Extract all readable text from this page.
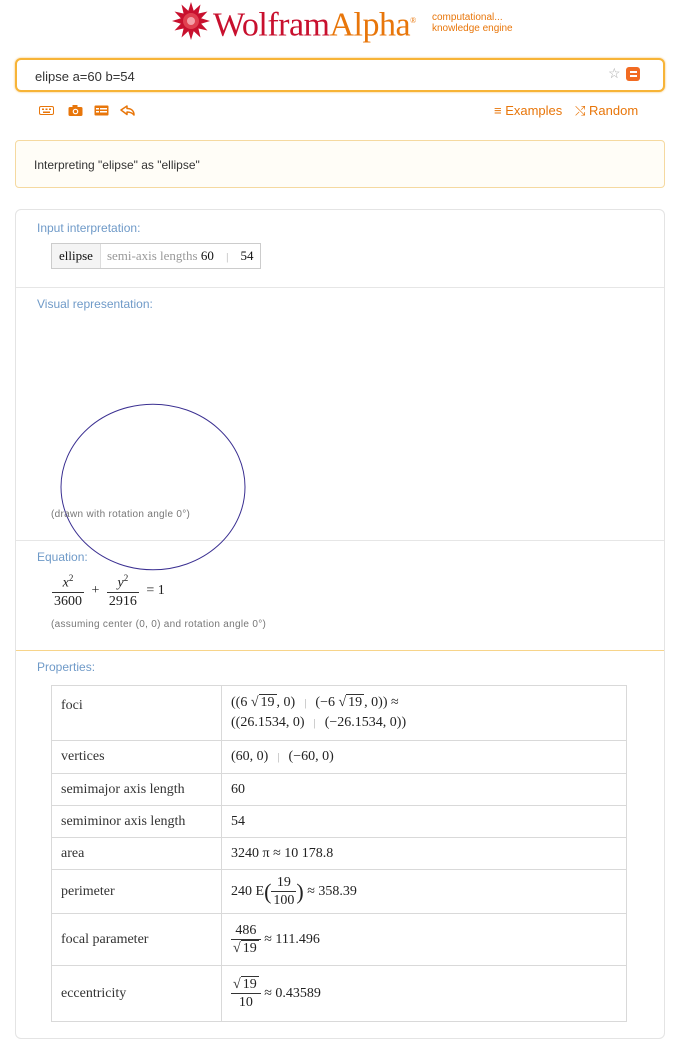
WolframAlpha® computational...
knowledge engine
elipse a=60 b=54
☆
≡ Examples ⤭ Random
Interpreting "elipse" as "ellipse"
Input interpretation:
ellipse	semi-axis lengths 60 | 54
Visual representation:
(drawn with rotation angle 0°)
Equation:
$\frac{x^2}{3600} + \frac{y^2}{2916} = 1$
(assuming center (0, 0) and rotation angle 0°)
Properties:
foci	((6 √ 19 , 0) | (−6 √ 19 , 0)) ≈
((26.1534, 0) | (−26.1534, 0))

vertices	(60, 0) | (−60, 0)
semimajor axis length	60
semiminor axis length	54
area	3240 π ≈ 10 178.8
perimeter	240 $E( \frac{19}{100}$ ) ≈ 358.39
focal parameter	$\frac{486}{√ 19} \approx 111.496$
eccentricity	$\frac{√ 19}{10} \approx 0.43589$
